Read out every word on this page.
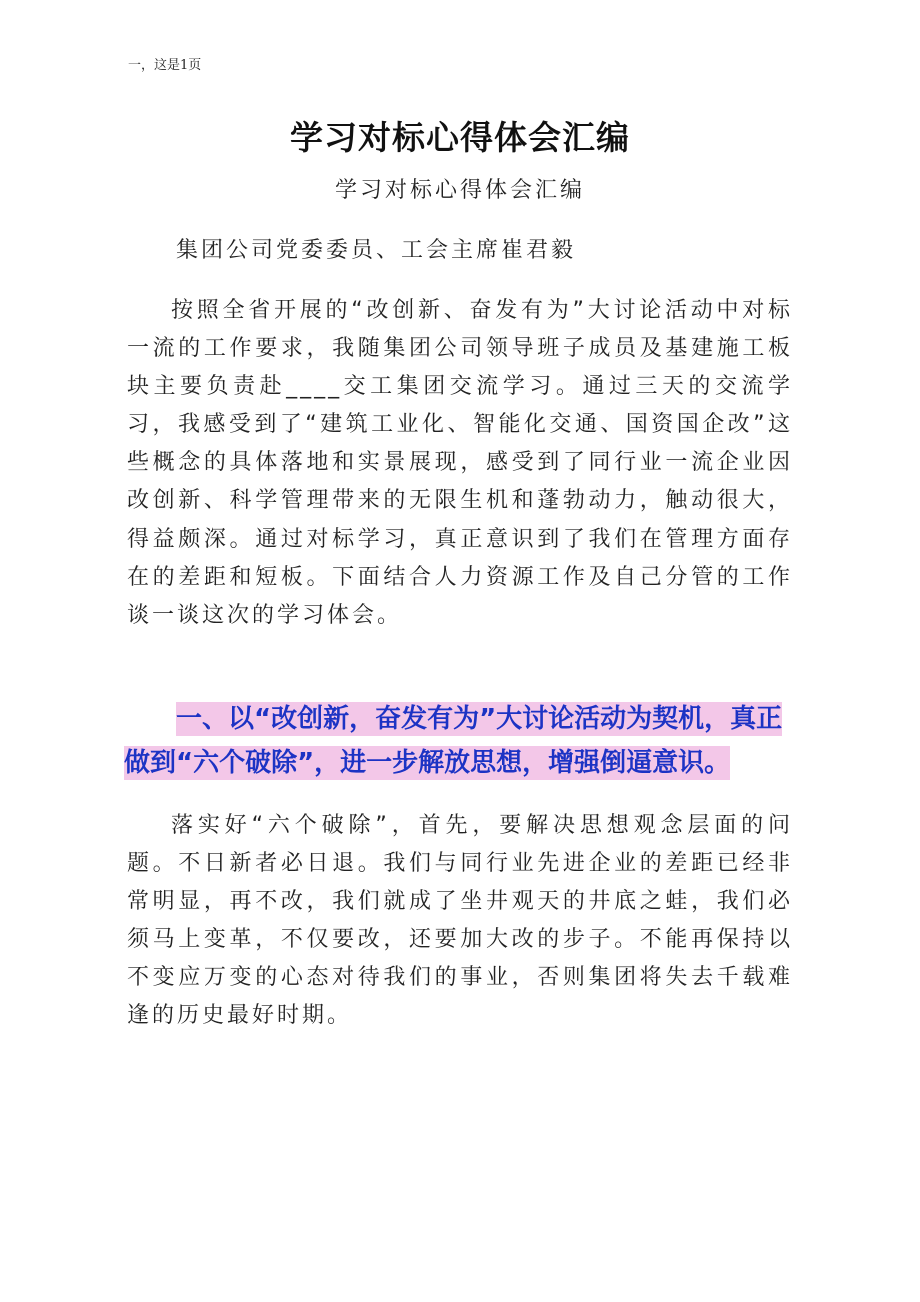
一，这是1页
学习对标心得体会汇编
学习对标心得体会汇编
集团公司党委委员、工会主席崔君毅

按照全省开展的“改创新、奋发有为”大讨论活动中对标一流的工作要求，我随集团公司领导班子成员及基建施工板块主要负责赴____交工集团交流学习。通过三天的交流学习，我感受到了“建筑工业化、智能化交通、国资国企改”这些概念的具体落地和实景展现，感受到了同行业一流企业因改创新、科学管理带来的无限生机和蓬勃动力，触动很大，得益颇深。通过对标学习，真正意识到了我们在管理方面存在的差距和短板。下面结合人力资源工作及自己分管的工作谈一谈这次的学习体会。

一、以“改创新，奋发有为”大讨论活动为契机，真正做到“六个破除”，进一步解放思想，增强倒逼意识。

落实好“六个破除”，首先，要解决思想观念层面的问题。不日新者必日退。我们与同行业先进企业的差距已经非常明显，再不改，我们就成了坐井观天的井底之蛙，我们必须马上变革，不仅要改，还要加大改的步子。不能再保持以不变应万变的心态对待我们的事业，否则集团将失去千载难逢的历史最好时期。
